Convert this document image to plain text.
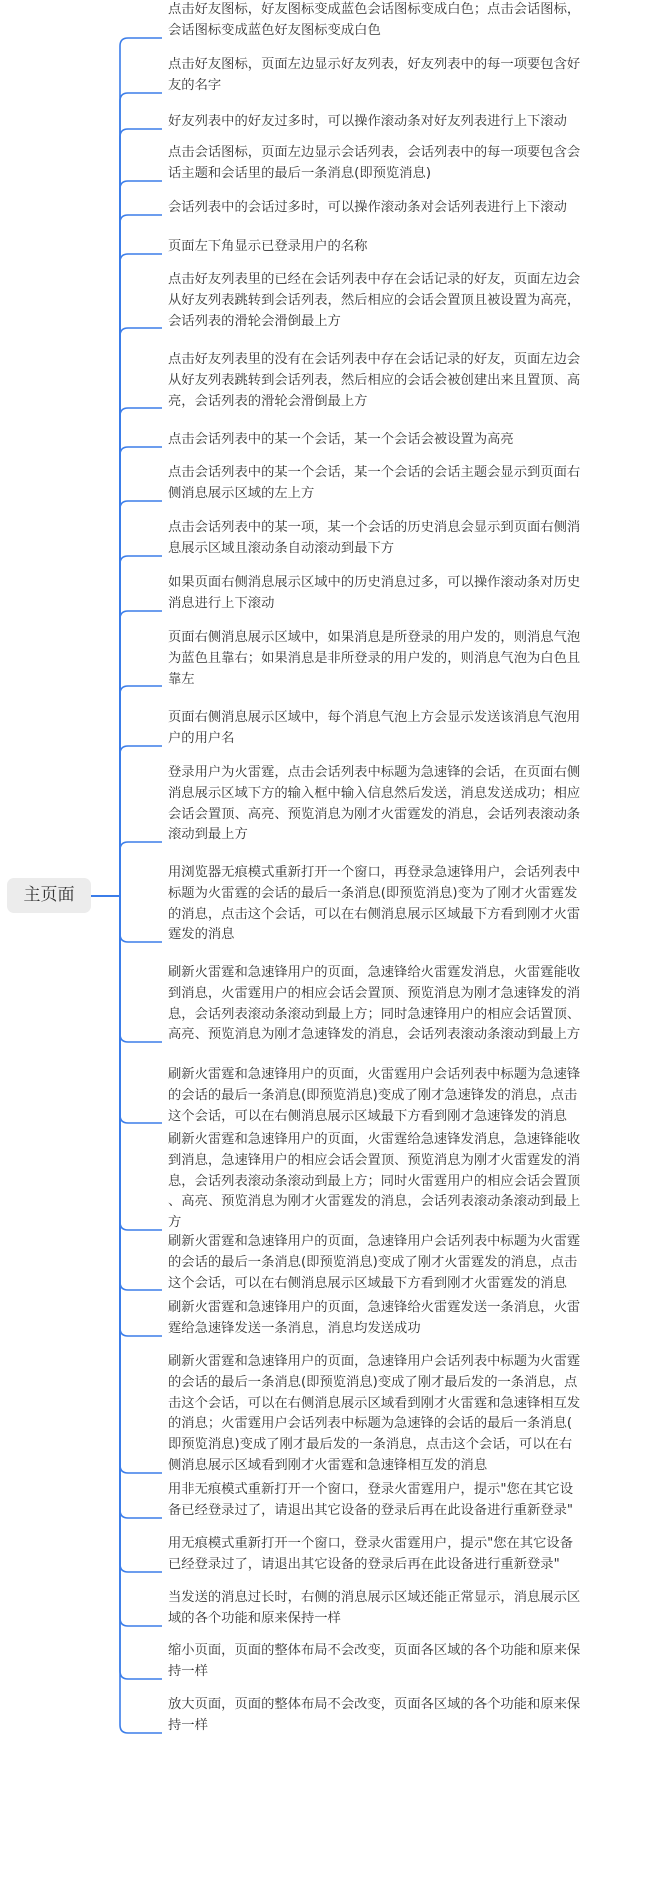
主页面
点击好友图标，好友图标变成蓝色会话图标变成白色；点击会话图标，
会话图标变成蓝色好友图标变成白色
点击好友图标，页面左边显示好友列表，好友列表中的每一项要包含好
友的名字
好友列表中的好友过多时，可以操作滚动条对好友列表进行上下滚动
点击会话图标，页面左边显示会话列表，会话列表中的每一项要包含会
话主题和会话里的最后一条消息(即预览消息)
会话列表中的会话过多时，可以操作滚动条对会话列表进行上下滚动
页面左下角显示已登录用户的名称
点击好友列表里的已经在会话列表中存在会话记录的好友，页面左边会
从好友列表跳转到会话列表，然后相应的会话会置顶且被设置为高亮，
会话列表的滑轮会滑倒最上方
点击好友列表里的没有在会话列表中存在会话记录的好友，页面左边会
从好友列表跳转到会话列表，然后相应的会话会被创建出来且置顶、高
亮，会话列表的滑轮会滑倒最上方
点击会话列表中的某一个会话，某一个会话会被设置为高亮
点击会话列表中的某一个会话，某一个会话的会话主题会显示到页面右
侧消息展示区域的左上方
点击会话列表中的某一项，某一个会话的历史消息会显示到页面右侧消
息展示区域且滚动条自动滚动到最下方
如果页面右侧消息展示区域中的历史消息过多，可以操作滚动条对历史
消息进行上下滚动
页面右侧消息展示区域中，如果消息是所登录的用户发的，则消息气泡
为蓝色且靠右；如果消息是非所登录的用户发的，则消息气泡为白色且
靠左
页面右侧消息展示区域中，每个消息气泡上方会显示发送该消息气泡用
户的用户名
登录用户为火雷霆，点击会话列表中标题为急速锋的会话，在页面右侧
消息展示区域下方的输入框中输入信息然后发送，消息发送成功；相应
会话会置顶、高亮、预览消息为刚才火雷霆发的消息，会话列表滚动条
滚动到最上方
用浏览器无痕模式重新打开一个窗口，再登录急速锋用户，会话列表中
标题为火雷霆的会话的最后一条消息(即预览消息)变为了刚才火雷霆发
的消息，点击这个会话，可以在右侧消息展示区域最下方看到刚才火雷
霆发的消息
刷新火雷霆和急速锋用户的页面，急速锋给火雷霆发消息，火雷霆能收
到消息，火雷霆用户的相应会话会置顶、预览消息为刚才急速锋发的消
息，会话列表滚动条滚动到最上方；同时急速锋用户的相应会话置顶、
高亮、预览消息为刚才急速锋发的消息，会话列表滚动条滚动到最上方
刷新火雷霆和急速锋用户的页面，火雷霆用户会话列表中标题为急速锋
的会话的最后一条消息(即预览消息)变成了刚才急速锋发的消息，点击
这个会话，可以在右侧消息展示区域最下方看到刚才急速锋发的消息
刷新火雷霆和急速锋用户的页面，火雷霆给急速锋发消息，急速锋能收
到消息，急速锋用户的相应会话会置顶、预览消息为刚才火雷霆发的消
息，会话列表滚动条滚动到最上方；同时火雷霆用户的相应会话会置顶
、高亮、预览消息为刚才火雷霆发的消息，会话列表滚动条滚动到最上
方
刷新火雷霆和急速锋用户的页面，急速锋用户会话列表中标题为火雷霆
的会话的最后一条消息(即预览消息)变成了刚才火雷霆发的消息，点击
这个会话，可以在右侧消息展示区域最下方看到刚才火雷霆发的消息
刷新火雷霆和急速锋用户的页面，急速锋给火雷霆发送一条消息，火雷
霆给急速锋发送一条消息，消息均发送成功
刷新火雷霆和急速锋用户的页面，急速锋用户会话列表中标题为火雷霆
的会话的最后一条消息(即预览消息)变成了刚才最后发的一条消息，点
击这个会话，可以在右侧消息展示区域看到刚才火雷霆和急速锋相互发
的消息；火雷霆用户会话列表中标题为急速锋的会话的最后一条消息(
即预览消息)变成了刚才最后发的一条消息，点击这个会话，可以在右
侧消息展示区域看到刚才火雷霆和急速锋相互发的消息
用非无痕模式重新打开一个窗口，登录火雷霆用户，提示"您在其它设
备已经登录过了，请退出其它设备的登录后再在此设备进行重新登录"
用无痕模式重新打开一个窗口，登录火雷霆用户，提示"您在其它设备
已经登录过了，请退出其它设备的登录后再在此设备进行重新登录"
当发送的消息过长时，右侧的消息展示区域还能正常显示，消息展示区
域的各个功能和原来保持一样
缩小页面，页面的整体布局不会改变，页面各区域的各个功能和原来保
持一样
放大页面，页面的整体布局不会改变，页面各区域的各个功能和原来保
持一样
